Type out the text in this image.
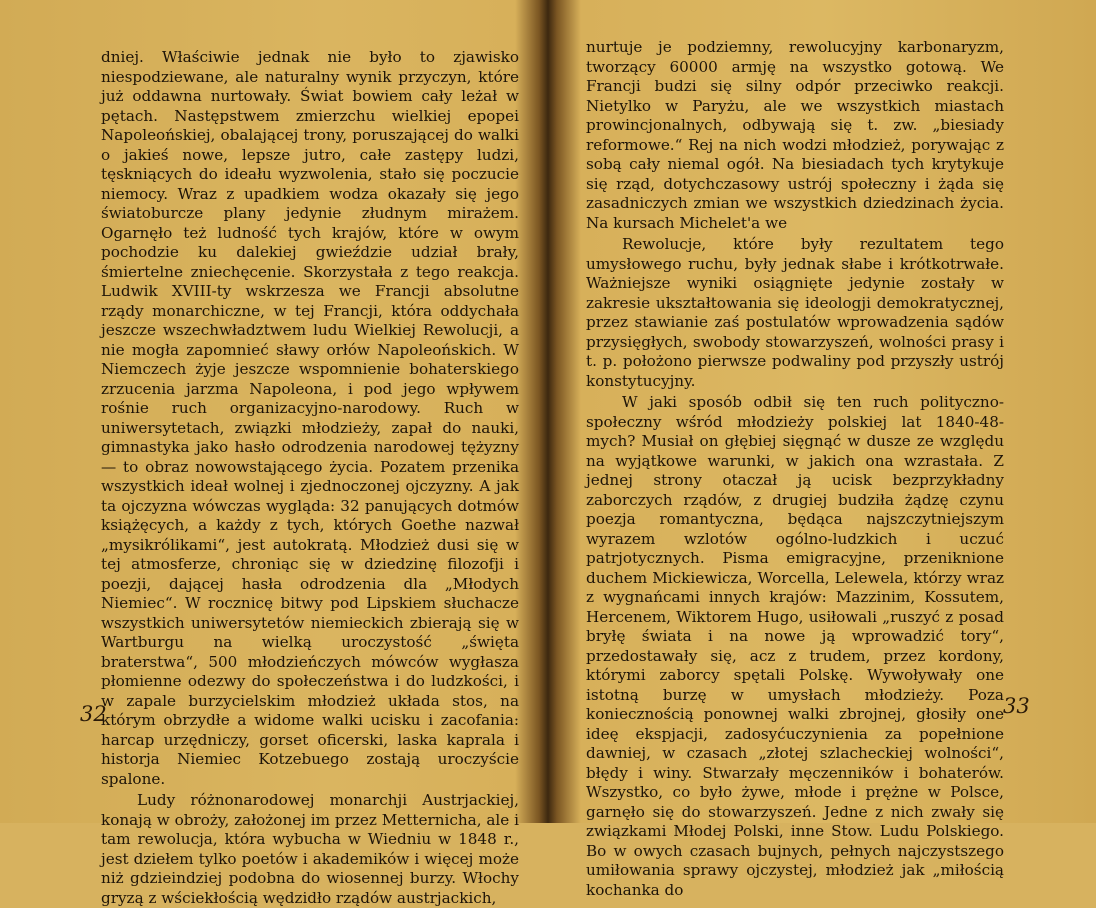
dniej. Właściwie jednak nie było to zjawisko niespodziewane, ale naturalny wynik przyczyn, które już oddawna nurtowały. Świat bowiem cały leżał w pętach. Następstwem zmierzchu wielkiej epopei Napoleońskiej, obalającej trony, poruszającej do walki o jakieś nowe, lepsze jutro, całe zastępy ludzi, tęskniących do ideału wyzwolenia, stało się poczucie niemocy. Wraz z upadkiem wodza okazały się jego światoburcze plany jedynie złudnym mirażem. Ogarnęło też ludność tych krajów, które w owym pochodzie ku dalekiej gwieździe udział brały, śmiertelne zniechęcenie. Skorzystała z tego reakcja. Ludwik XVIII-ty wskrzesza we Francji absolutne rządy monarchiczne, w tej Francji, która oddychała jeszcze wszechwładztwem ludu Wielkiej Rewolucji, a nie mogła zapomnieć sławy orłów Napoleońskich. W Niemczech żyje jeszcze wspomnienie bohaterskiego zrzucenia jarzma Napoleona, i pod jego wpływem rośnie ruch organizacyjno-narodowy. Ruch w uniwersytetach, związki młodzieży, zapał do nauki, gimnastyka jako hasło odrodzenia narodowej tężyzny— to obraz nowowstającego życia. Pozatem przenika wszystkich ideał wolnej i zjednoczonej ojczyzny. A jak ta ojczyzna wówczas wygląda: 32 panujących dotmów książęcych, a każdy z tych, których Goethe nazwał „mysikrólikami“, jest autokratą. Młodzież dusi się w tej atmosferze, chroniąc się w dziedzinę filozofji i poezji, dającej hasła odrodzenia dla „Młodych Niemiec“. W rocznicę bitwy pod Lipskiem słuchacze wszystkich uniwersytetów niemieckich zbierają się w Wartburgu na wielką uroczystość „święta braterstwa“, 500 młodzieńczych mówców wygłasza płomienne odezwy do społeczeństwa i do ludzkości, i w zapale burzycielskim młodzież układa stos, na którym obrzydłe a widome walki ucisku i zacofania: harcap urzędniczy, gorset oficerski, laska kaprala i historja Niemiec Kotzebuego zostają uroczyście spalone.

Ludy różnonarodowej monarchji Austrjackiej, konają w obroży, założonej im przez Metternicha, ale i tam rewolucja, która wybucha w Wiedniu w 1848 r., jest dziełem tylko poetów i akademików i więcej może niż gdzieindziej podobna do wiosennej burzy. Włochy gryzą z wściekłością wędzidło rządów austrjackich,

32

nurtuje je podziemny, rewolucyjny karbonaryzm, tworzący 60000 armję na wszystko gotową. We Francji budzi się silny odpór przeciwko reakcji. Nietylko w Paryżu, ale we wszystkich miastach prowincjonalnych, odbywają się t. zw. „biesiady reformowe.“ Rej na nich wodzi młodzież, porywając z sobą cały niemal ogół. Na biesiadach tych krytykuje się rząd, dotychczasowy ustrój społeczny i żąda się zasadniczych zmian we wszystkich dziedzinach życia. Na kursach Michelet'a we

Rewolucje, które były rezultatem tego umysłowego ruchu, były jednak słabe i krótkotrwałe. Ważniejsze wyniki osiągnięte jedynie zostały w zakresie ukształtowania się ideologji demokratycznej, przez stawianie zaś postulatów wprowadzenia sądów przysięgłych, swobody stowarzyszeń, wolności prasy i t. p. położono pierwsze podwaliny pod przyszły ustrój konstytucyjny.

W jaki sposób odbił się ten ruch polityczno-społeczny wśród młodzieży polskiej lat 1840-48-mych? Musiał on głębiej sięgnąć w dusze ze względu na wyjątkowe warunki, w jakich ona wzrastała. Z jednej strony otaczał ją ucisk bezprzykładny zaborczych rządów, z drugiej budziła żądzę czynu poezja romantyczna, będąca najszczytniejszym wyrazem wzlotów ogólno-ludzkich i uczuć patrjotycznych. Pisma emigracyjne, przeniknione duchem Mickiewicza, Worcella, Lelewela, którzy wraz z wygnańcami innych krajów: Mazzinim, Kossutem, Hercenem, Wiktorem Hugo, usiłowali „ruszyć z posad bryłę świata i na nowe ją wprowadzić tory“, przedostawały się, acz z trudem, przez kordony, którymi zaborcy spętali Polskę. Wywoływały one istotną burzę w umysłach młodzieży. Poza koniecznością ponownej walki zbrojnej, głosiły one ideę ekspjacji, zadosyćuczynienia za popełnione dawniej, w czasach „złotej szlacheckiej wolności“, błędy i winy. Stwarzały męczenników i bohaterów. Wszystko, co było żywe, młode i prężne w Polsce, garnęło się do stowarzyszeń. Jedne z nich zwały się związkami Młodej Polski, inne Stow. Ludu Polskiego. Bo w owych czasach bujnych, pełnych najczystszego umiłowania sprawy ojczystej, młodzież jak „miłością kochanka do

33
